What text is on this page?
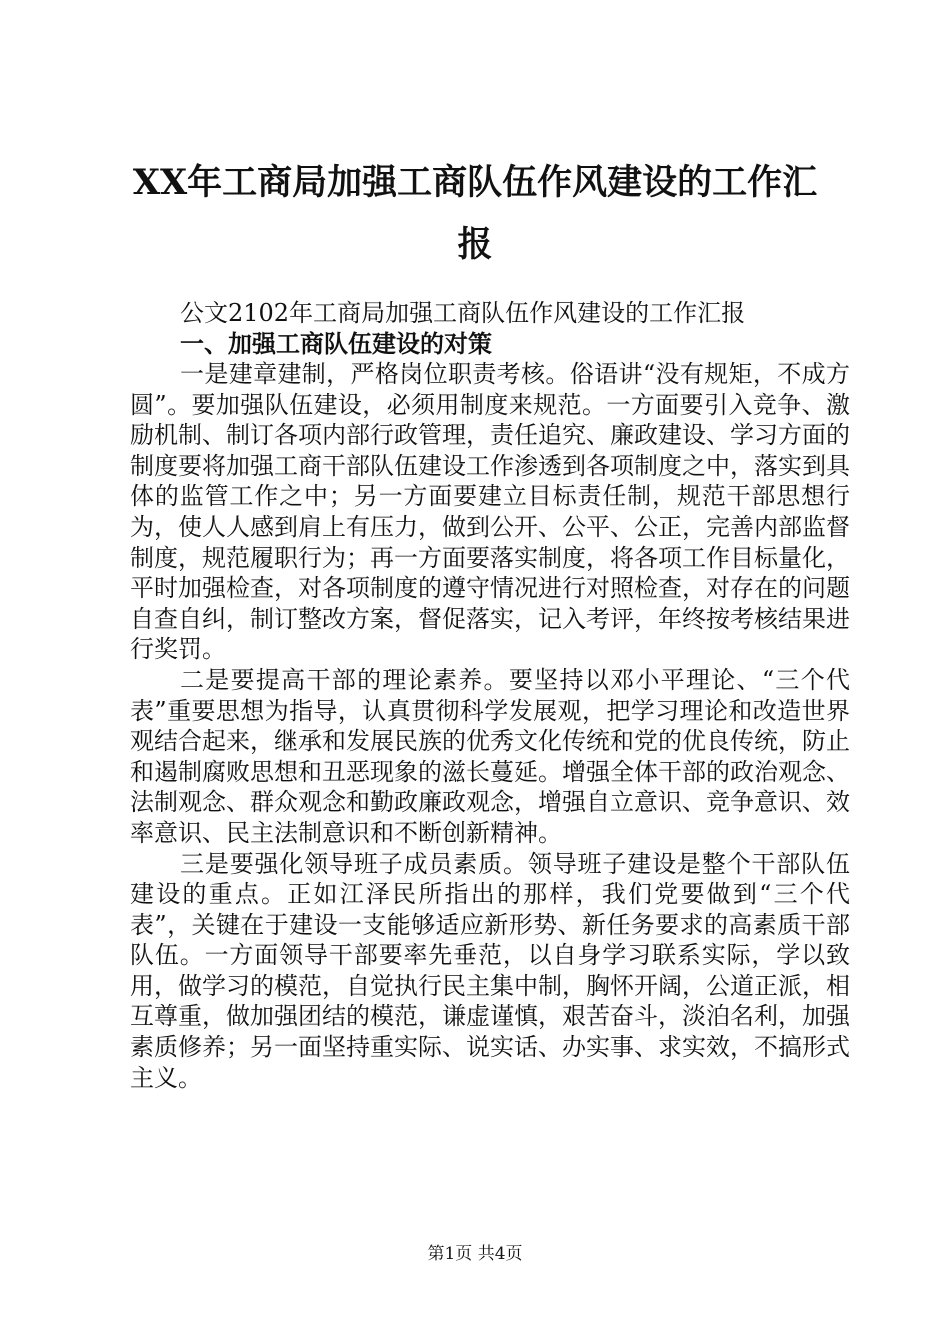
XX年工商局加强工商队伍作风建设的工作汇
报
公文2102年工商局加强工商队伍作风建设的工作汇报
一、加强工商队伍建设的对策

一是建章建制，严格岗位职责考核。俗语讲“没有规矩，不成方圆”。要加强队伍建设，必须用制度来规范。一方面要引入竞争、激励机制、制订各项内部行政管理，责任追究、廉政建设、学习方面的制度要将加强工商干部队伍建设工作渗透到各项制度之中，落实到具体的监管工作之中；另一方面要建立目标责任制，规范干部思想行为，使人人感到肩上有压力，做到公开、公平、公正，完善内部监督制度，规范履职行为；再一方面要落实制度，将各项工作目标量化，平时加强检查，对各项制度的遵守情况进行对照检查，对存在的问题自查自纠，制订整改方案，督促落实，记入考评，年终按考核结果进行奖罚。

二是要提高干部的理论素养。要坚持以邓小平理论、“三个代表”重要思想为指导，认真贯彻科学发展观，把学习理论和改造世界观结合起来，继承和发展民族的优秀文化传统和党的优良传统，防止和遏制腐败思想和丑恶现象的滋长蔓延。增强全体干部的政治观念、法制观念、群众观念和勤政廉政观念，增强自立意识、竞争意识、效率意识、民主法制意识和不断创新精神。

三是要强化领导班子成员素质。领导班子建设是整个干部队伍建设的重点。正如江泽民所指出的那样，我们党要做到“三个代表”，关键在于建设一支能够适应新形势、新任务要求的高素质干部队伍。一方面领导干部要率先垂范，以自身学习联系实际，学以致用，做学习的模范，自觉执行民主集中制，胸怀开阔，公道正派，相互尊重，做加强团结的模范，谦虚谨慎，艰苦奋斗，淡泊名利，加强素质修养；另一面坚持重实际、说实话、办实事、求实效，不搞形式主义。

第1页 共4页
